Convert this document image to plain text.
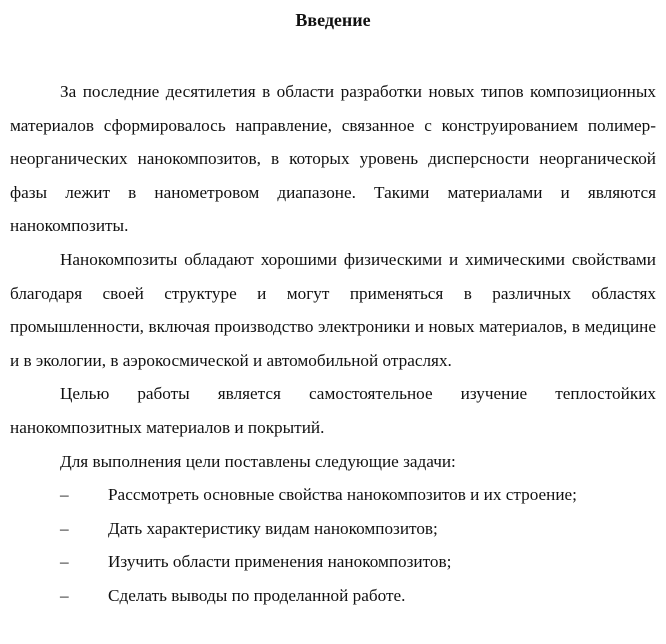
Введение

За последние десятилетия в области разработки новых типов композиционных материалов сформировалось направление, связанное с конструированием полимер-неорганических нанокомпозитов, в которых уровень дисперсности неорганической фазы лежит в нанометровом диапазоне. Такими материалами и являются нанокомпозиты.

Нанокомпозиты обладают хорошими физическими и химическими свойствами благодаря своей структуре и могут применяться в различных областях промышленности, включая производство электроники и новых материалов, в медицине и в экологии, в аэрокосмической и автомобильной отраслях.

Целью работы является самостоятельное изучение теплостойких нанокомпозитных материалов и покрытий.

Для выполнения цели поставлены следующие задачи:

– Рассмотреть основные свойства нанокомпозитов и их строение;
– Дать характеристику видам нанокомпозитов;
– Изучить области применения нанокомпозитов;
– Сделать выводы по проделанной работе.
